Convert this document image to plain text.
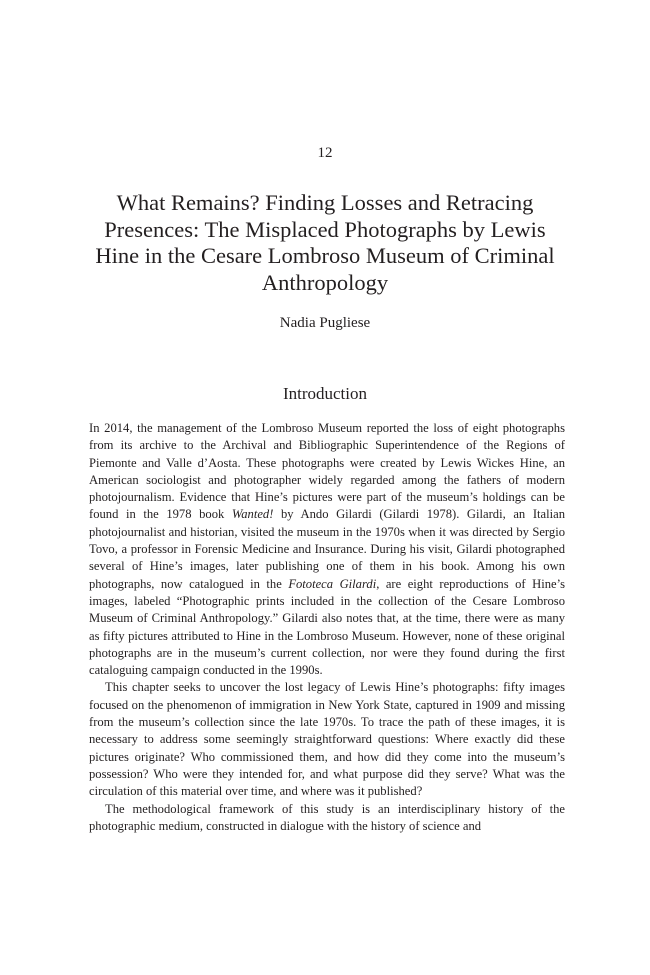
12
What Remains? Finding Losses and Retracing Presences: The Misplaced Photographs by Lewis Hine in the Cesare Lombroso Museum of Criminal Anthropology
Nadia Pugliese
Introduction

In 2014, the management of the Lombroso Museum reported the loss of eight photographs from its archive to the Archival and Bibliographic Superintendence of the Regions of Piemonte and Valle d’Aosta. These photographs were created by Lewis Wickes Hine, an American sociologist and photographer widely regarded among the fathers of modern photojournalism. Evidence that Hine’s pictures were part of the museum’s holdings can be found in the 1978 book Wanted! by Ando Gilardi (Gilardi 1978). Gilardi, an Italian photojournalist and historian, visited the museum in the 1970s when it was directed by Sergio Tovo, a professor in Forensic Medicine and Insurance. During his visit, Gilardi photographed several of Hine’s images, later publishing one of them in his book. Among his own photographs, now catalogued in the Fototeca Gilardi, are eight reproductions of Hine’s images, labeled “Photographic prints included in the collection of the Cesare Lombroso Museum of Criminal Anthropology.” Gilardi also notes that, at the time, there were as many as fifty pictures attributed to Hine in the Lombroso Museum. However, none of these original photographs are in the museum’s current collection, nor were they found during the first cataloguing campaign conducted in the 1990s.

This chapter seeks to uncover the lost legacy of Lewis Hine’s photographs: fifty images focused on the phenomenon of immigration in New York State, captured in 1909 and missing from the museum’s collection since the late 1970s. To trace the path of these images, it is necessary to address some seemingly straightforward questions: Where exactly did these pictures originate? Who commissioned them, and how did they come into the museum’s possession? Who were they intended for, and what purpose did they serve? What was the circulation of this material over time, and where was it published?

The methodological framework of this study is an interdisciplinary history of the photographic medium, constructed in dialogue with the history of science and
